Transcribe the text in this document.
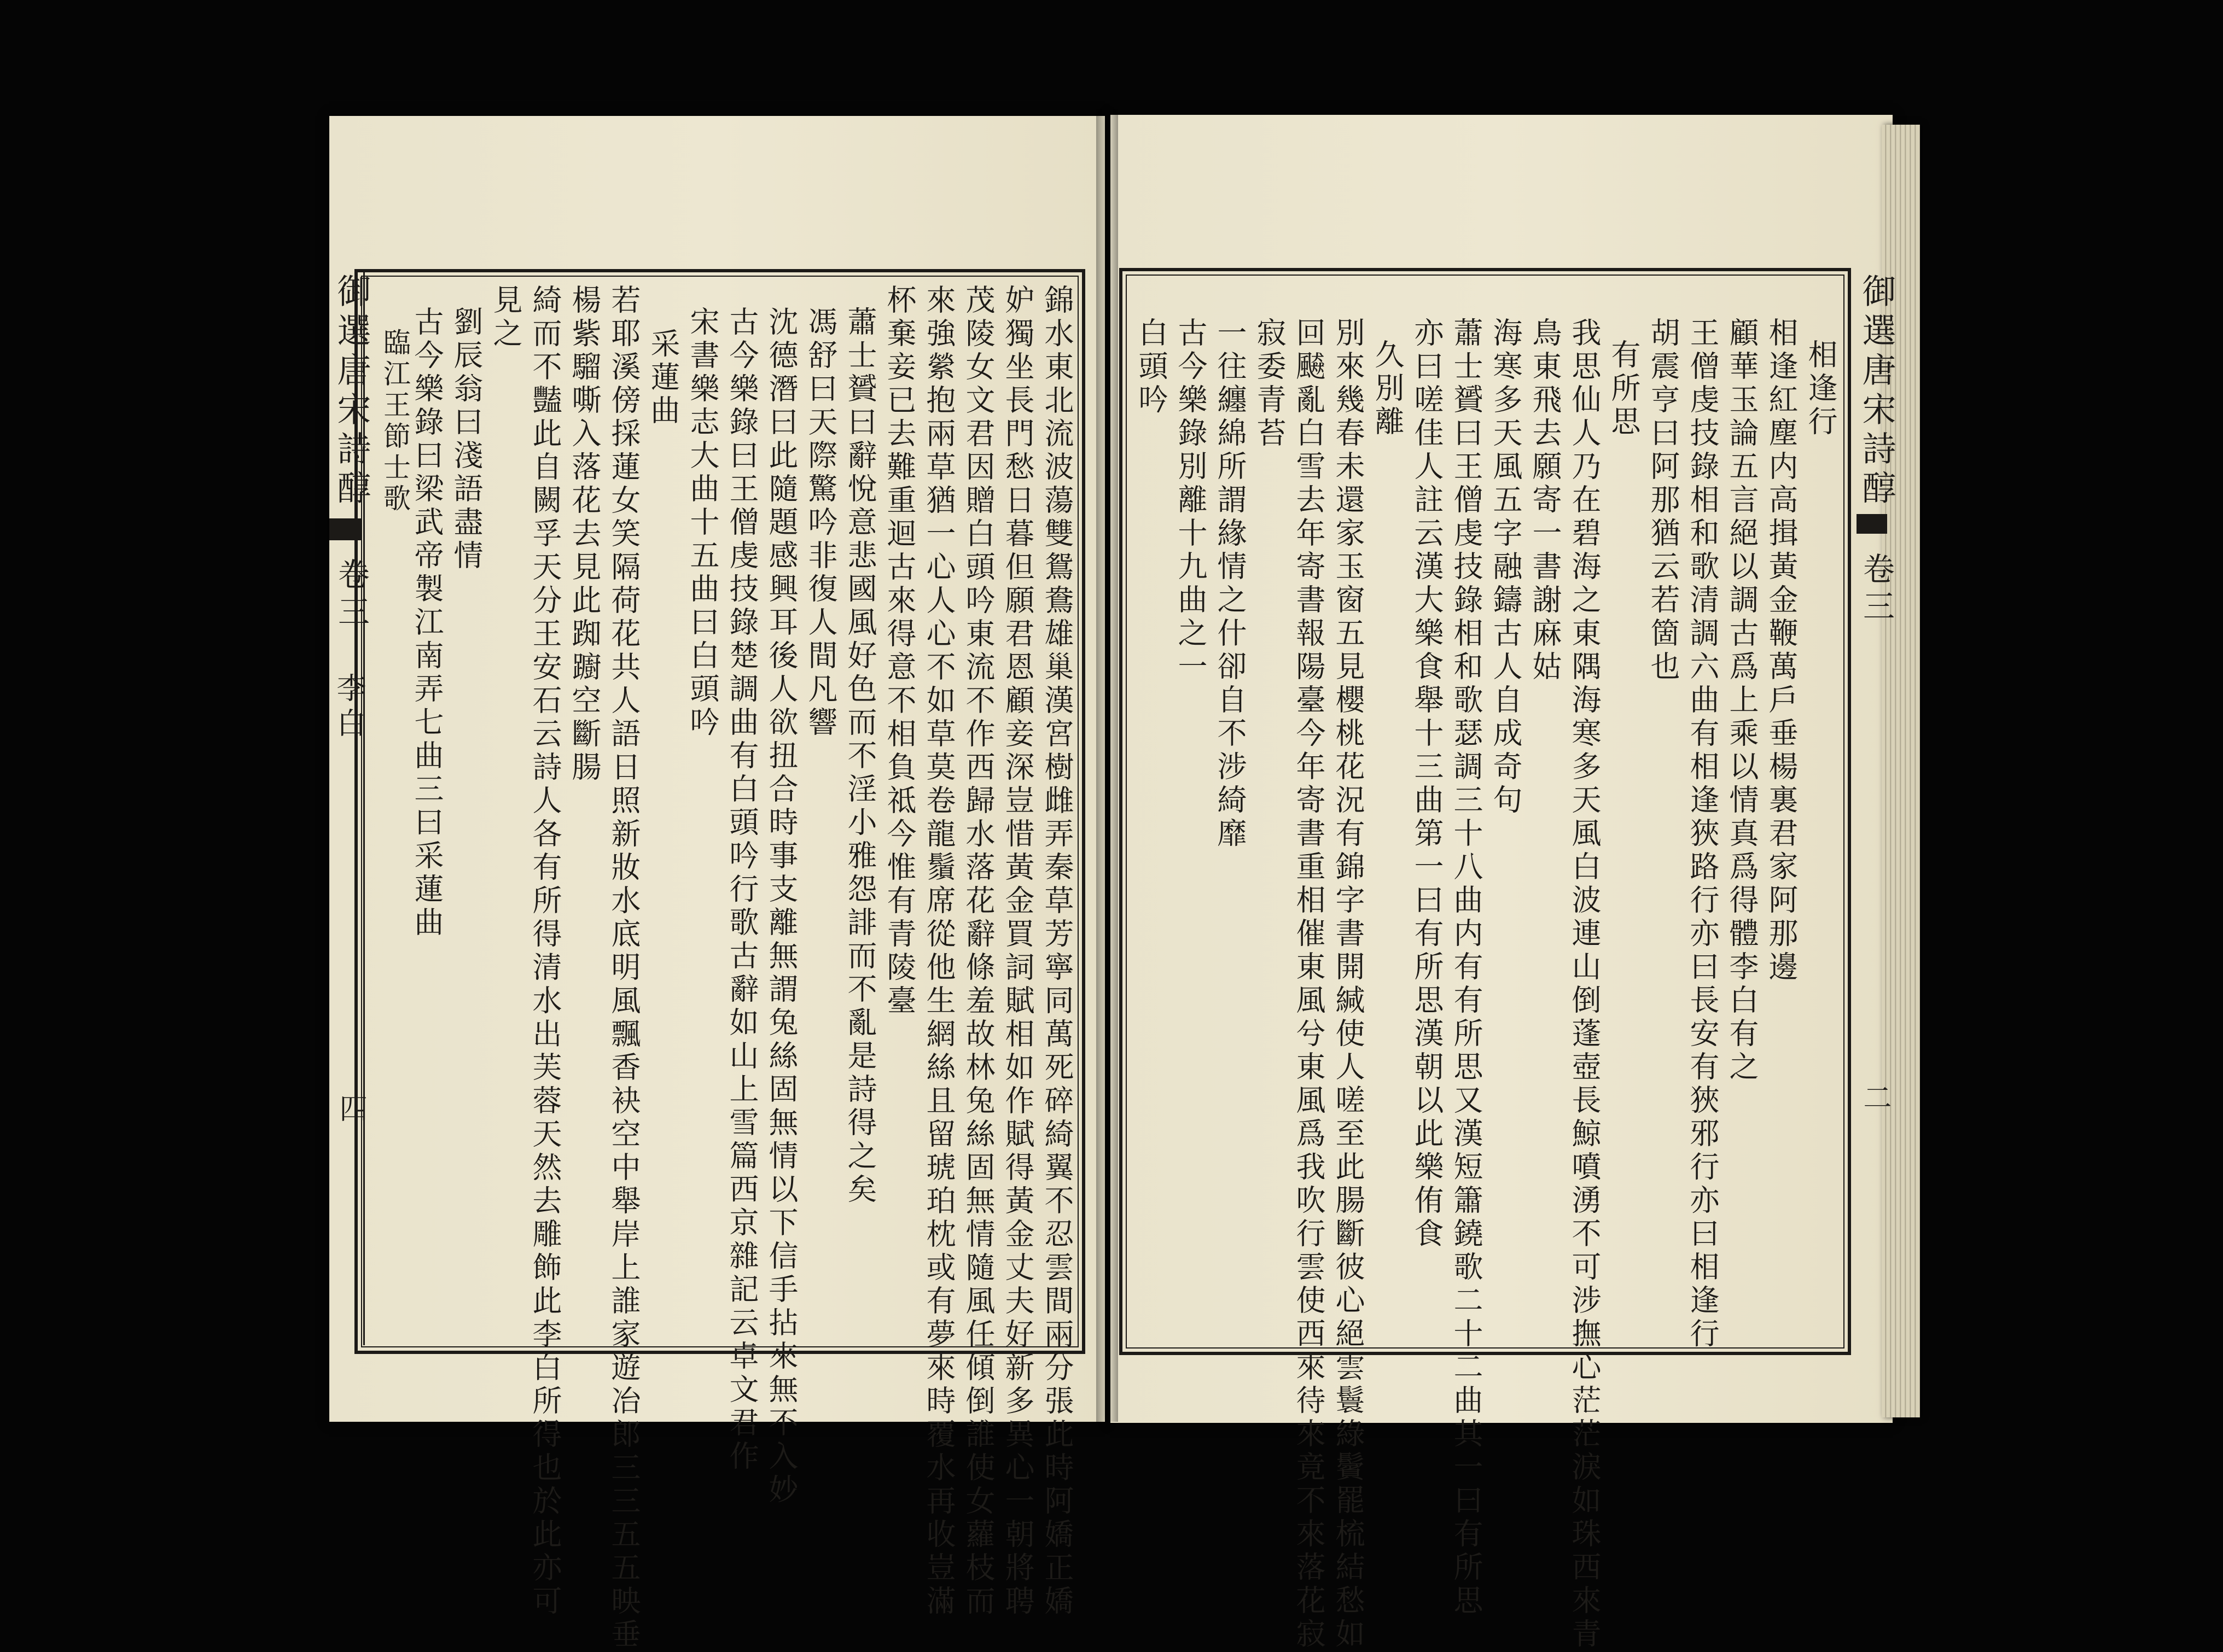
御選唐宋詩醇
卷三
二
御選唐宋詩醇
卷三
李白
四
相逢行
相逢紅塵内高揖黃金鞭萬戶垂楊裏君家阿那邊
顧華玉論五言絕以調古爲上乘以情真爲得體李白有之
王僧虔技錄相和歌清調六曲有相逢狹路行亦曰長安有狹邪行亦曰相逢行
胡震亨曰阿那猶云若箇也
有所思
我思仙人乃在碧海之東隅海寒多天風白波連山倒蓬壺長鯨噴湧不可涉撫心茫茫淚如珠西來青
鳥東飛去願寄一書謝麻姑
海寒多天風五字融鑄古人自成奇句
蕭士贇曰王僧虔技錄相和歌瑟調三十八曲内有有所思又漢短簫鐃歌二十二曲其一曰有所思
亦曰嗟佳人註云漢大樂食舉十三曲第一曰有所思漢朝以此樂侑食
久別離
別來幾春未還家玉窗五見櫻桃花況有錦字書開緘使人嗟至此腸斷彼心絕雲鬟綠鬢罷梳結愁如
回飇亂白雪去年寄書報陽臺今年寄書重相催東風兮東風爲我吹行雲使西來待來竟不來落花寂
寂委青苔
一往纏綿所謂緣情之什卻自不涉綺靡
古今樂錄別離十九曲之一
白頭吟
錦水東北流波蕩雙鴛鴦雄巢漢宮樹雌弄秦草芳寧同萬死碎綺翼不忍雲間兩分張此時阿嬌正嬌
妒獨坐長門愁日暮但願君恩顧妾深豈惜黃金買詞賦相如作賦得黃金丈夫好新多異心一朝將聘
茂陵女文君因贈白頭吟東流不作西歸水落花辭條羞故林兔絲固無情隨風任傾倒誰使女蘿枝而
來強縈抱兩草猶一心人心不如草莫卷龍鬚席從他生網絲且留琥珀枕或有夢來時覆水再收豈滿
杯棄妾已去難重迴古來得意不相負祗今惟有青陵臺
蕭士贇曰辭悅意悲國風好色而不淫小雅怨誹而不亂是詩得之矣
馮舒曰天際驚吟非復人間凡響
沈德潛曰此隨題感興耳後人欲扭合時事支離無謂兔絲固無情以下信手拈來無不入妙
古今樂錄曰王僧虔技錄楚調曲有白頭吟行歌古辭如山上雪篇西京雜記云卓文君作
宋書樂志大曲十五曲曰白頭吟
采蓮曲
若耶溪傍採蓮女笑隔荷花共人語日照新妝水底明風飄香袂空中舉岸上誰家遊冶郎三三五五映垂
楊紫騮嘶入落花去見此踟躕空斷腸
綺而不豔此自闕孚天分王安石云詩人各有所得清水出芙蓉天然去雕飾此李白所得也於此亦可
見之
劉辰翁曰淺語盡情
古今樂錄曰梁武帝製江南弄七曲三曰采蓮曲
臨江王節士歌
